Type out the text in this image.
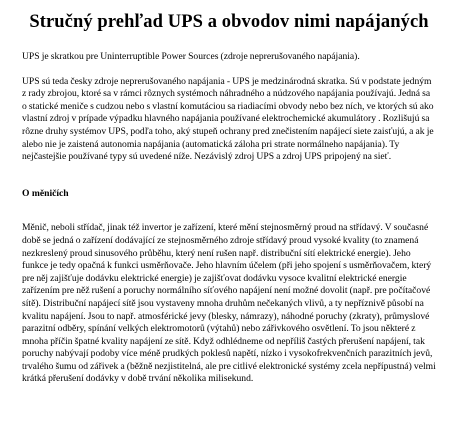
Stručný prehľad UPS a obvodov nimi napájaných

UPS je skratkou pre Uninterruptible Power Sources (zdroje neprerušovaného napájania).

UPS sú teda česky zdroje neprerušovaného napájania - UPS je medzinárodná skratka. Sú v podstate jedným z rady zbrojou, ktoré sa v rámci rôznych systémoch náhradného a núdzového napájania používajú. Jedná sa o statické meniče s cudzou nebo s vlastní komutáciou sa riadiacími obvody nebo bez ních, ve ktorých sú ako vlastní zdroj v prípade výpadku hlavného napájania používané elektrochemické akumulátory . Rozlišujú sa rôzne druhy systémov UPS, podľa toho, aký stupeň ochrany pred znečistením napájecí siete zaisťujú, a ak je alebo nie je zaistená autonomia napájania (automatická záloha pri strate normálneho napájania). Ty nejčastejšie používané typy sú uvedené níže. Nezávislý zdroj UPS a zdroj UPS pripojený na sieť.

O měničích

Měnič, neboli střídač, jinak též invertor je zařízení, které mění stejnosměrný proud na střídavý. V současné době se jedná o zařízení dodávající ze stejnosměrného zdroje střídavý proud vysoké kvality (to znamená nezkreslený proud sinusového průběhu, který není rušen např. distribuční sítí elektrické energie). Jeho funkce je tedy opačná k funkci usměrňovače. Jeho hlavním účelem (při jeho spojení s usměrňovačem, který pre něj zajišťuje dodávku elektrické energie) je zajišťovat dodávku vysoce kvalitní elektrické energie zařízením pre něž rušení a poruchy normálního síťového napájení není možné dovolit (např. pre počítačové sítě). Distribuční napájecí sítě jsou vystaveny mnoha druhům nečekaných vlivů, a ty nepříznivě působí na kvalitu napájení. Jsou to např. atmosférické jevy (blesky, námrazy), náhodné poruchy (zkraty), průmyslové parazitní odběry, spínání velkých elektromotorů (výtahů) nebo zářivkového osvětlení. To jsou některé z mnoha příčin špatné kvality napájení ze sítě. Když odhlédneme od nepříliš častých přerušení napájení, tak poruchy nabývají podoby více méně prudkých poklesů napětí, nízko i vysokofrekvenčních parazitních jevů, trvalého šumu od zářivek a (běžně nezjistitelná, ale pre citlivé elektronické systémy zcela nepřípustná) velmi krátká přerušení dodávky v době trvání několika milisekund.
